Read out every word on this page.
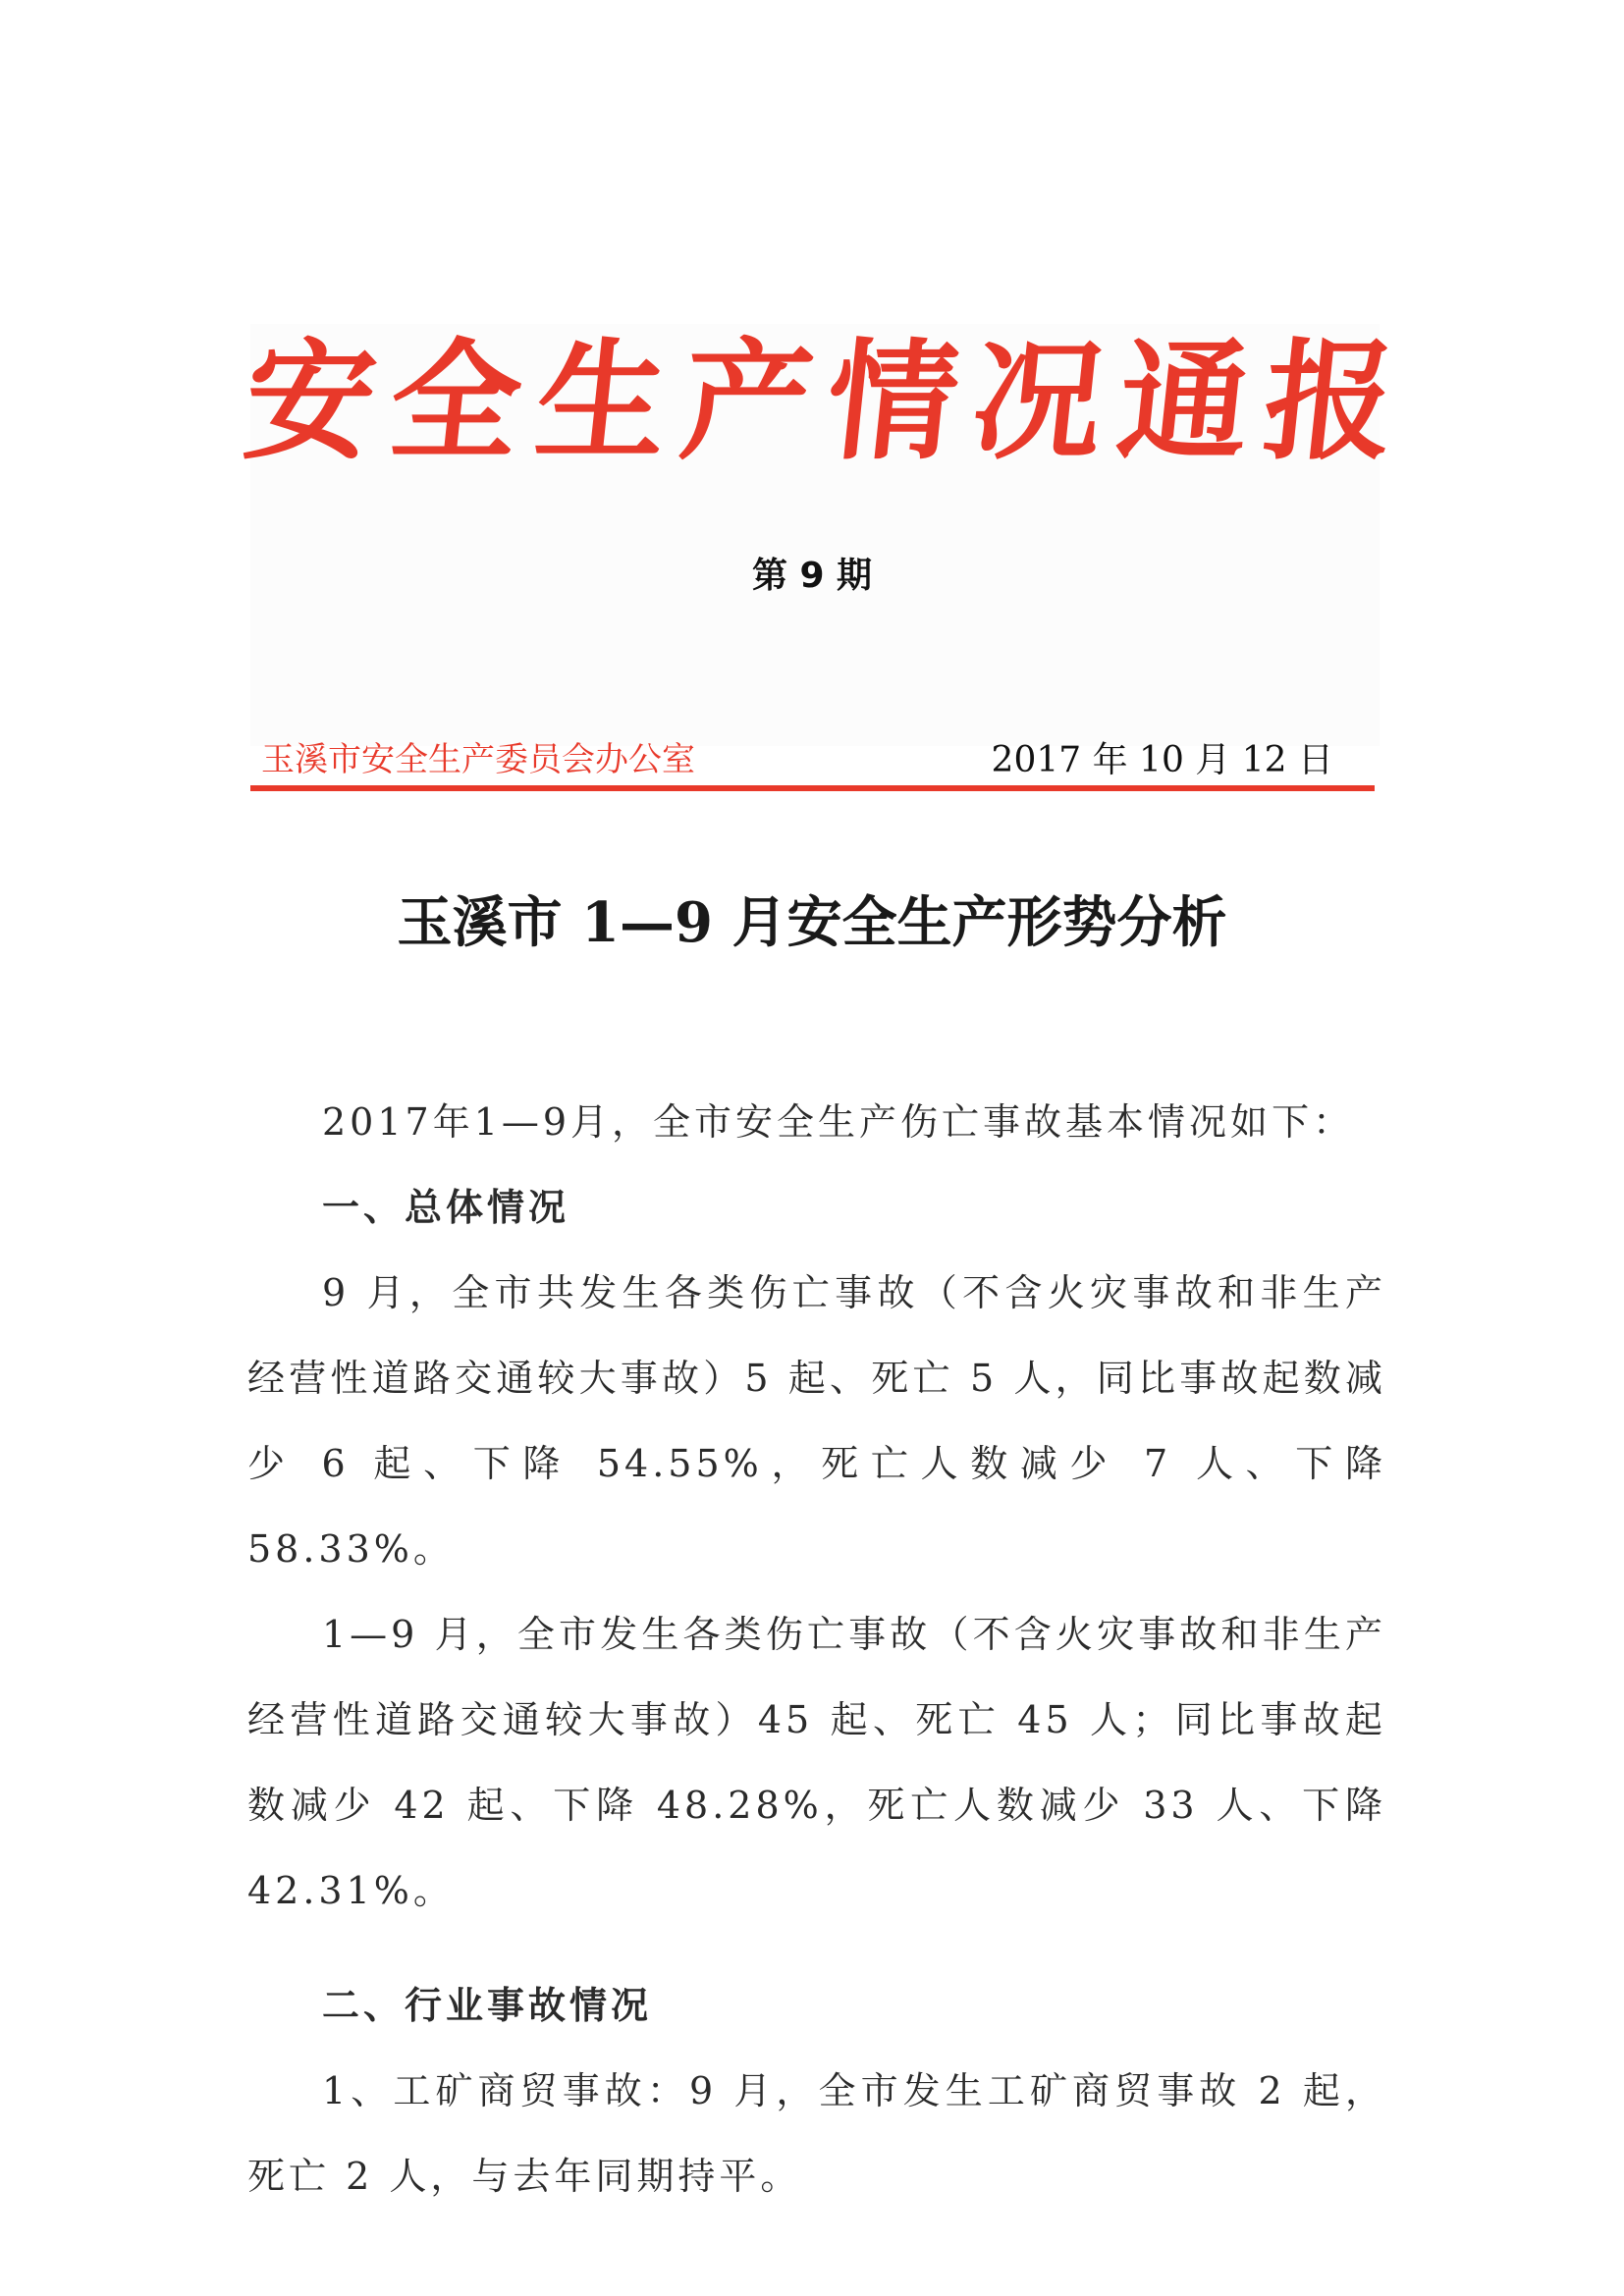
安 全 生 产 情 况 通 报
第 9 期
玉溪市安全生产委员会办公室	2017 年 10 月 12 日
玉溪市 1—9 月安全生产形势分析

2017年1—9月，全市安全生产伤亡事故基本情况如下：

一、总体情况

9 月，全市共发生各类伤亡事故（不含火灾事故和非生产经营性道路交通较大事故）5 起、死亡 5 人，同比事故起数减少 6 起、下降 54.55%，死亡人数减少 7 人、下降 58.33%。

1—9 月，全市发生各类伤亡事故（不含火灾事故和非生产经营性道路交通较大事故）45 起、死亡 45 人；同比事故起数减少 42 起、下降 48.28%，死亡人数减少 33 人、下降 42.31%。

二、行业事故情况

1、工矿商贸事故：9 月，全市发生工矿商贸事故 2 起，死亡 2 人，与去年同期持平。
